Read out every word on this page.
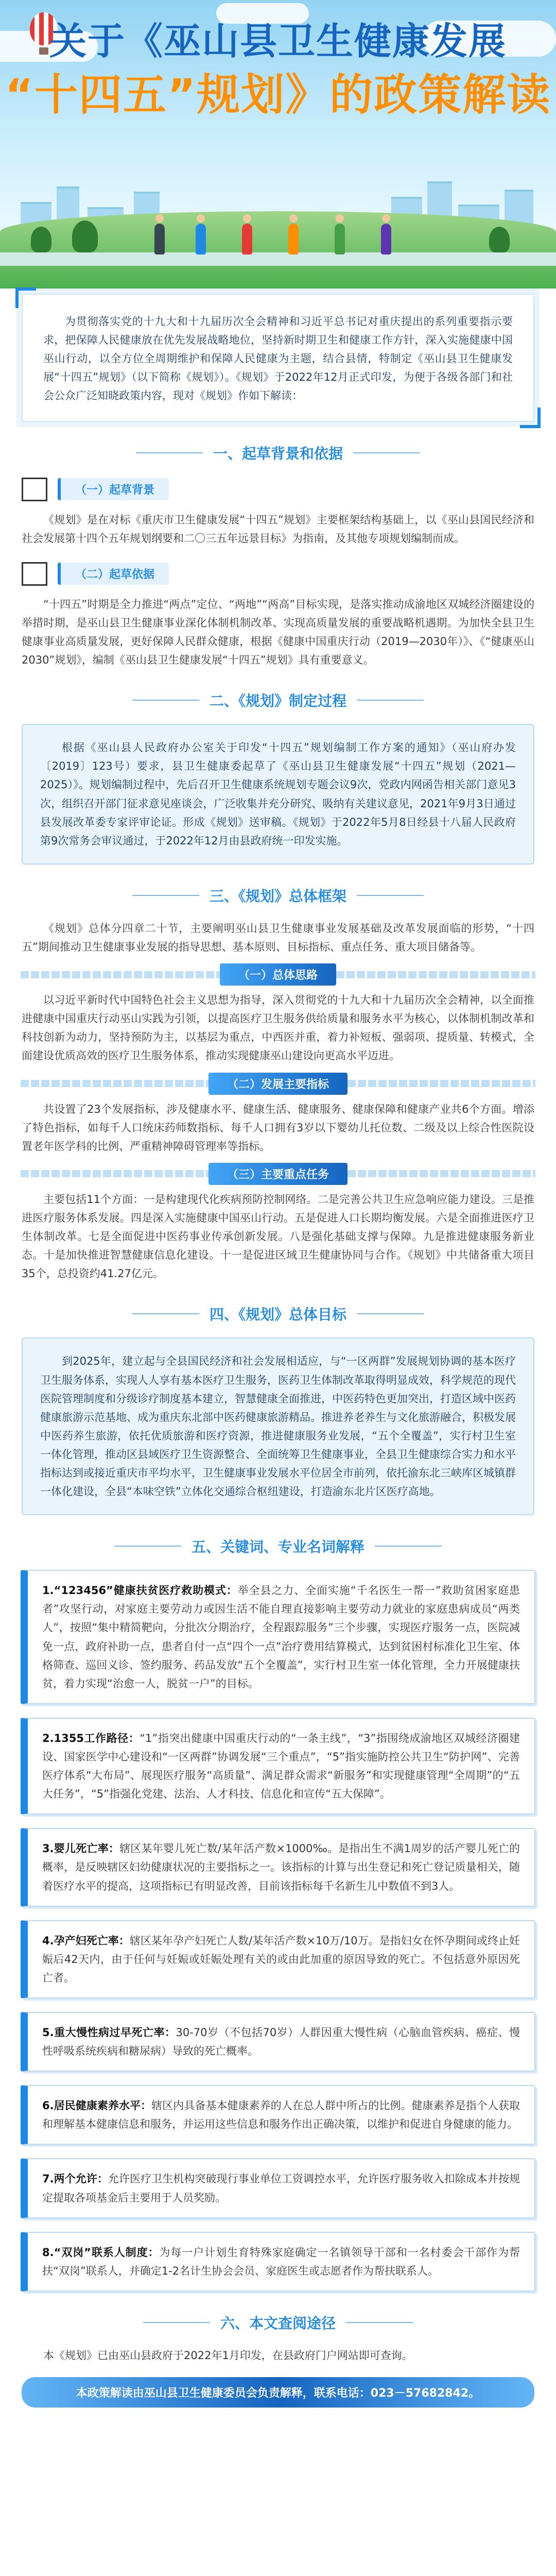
关于《巫山县卫生健康发展
“十四五”规划》的政策解读

为贯彻落实党的十九大和十九届历次全会精神和习近平总书记对重庆提出的系列重要指示要求，把保障人民健康放在优先发展战略地位，坚持新时期卫生和健康工作方针，深入实施健康中国巫山行动，以全方位全周期维护和保障人民健康为主题，结合县情，特制定《巫山县卫生健康发展“十四五”规划》（以下简称《规划》）。《规划》于2022年12月正式印发，为便于各级各部门和社会公众广泛知晓政策内容，现对《规划》作如下解读：

一、起草背景和依据
（一）起草背景

《规划》是在对标《重庆市卫生健康发展“十四五”规划》主要框架结构基础上，以《巫山县国民经济和社会发展第十四个五年规划纲要和二〇三五年远景目标》为指南，及其他专项规划编制而成。

（二）起草依据

“十四五”时期是全力推进“两点”定位、“两地”“两高”目标实现，是落实推动成渝地区双城经济圈建设的举措时期，是巫山县卫生健康事业深化体制机制改革、实现高质量发展的重要战略机遇期。为加快全县卫生健康事业高质量发展，更好保障人民群众健康，根据《健康中国重庆行动（2019—2030年）》、《“健康巫山2030”规划》，编制《巫山县卫生健康发展“十四五”规划》具有重要意义。

二、《规划》制定过程

根据《巫山县人民政府办公室关于印发“十四五”规划编制工作方案的通知》（巫山府办发〔2019〕123号）要求，县卫生健康委起草了《巫山县卫生健康发展“十四五”规划（2021—2025）》。规划编制过程中，先后召开卫生健康系统规划专题会议9次，党政内网函告相关部门意见3次，组织召开部门征求意见座谈会，广泛收集并充分研究、吸纳有关建议意见，2021年9月3日通过县发展改革委专家评审论证。形成《规划》送审稿。《规划》于2022年5月8日经县十八届人民政府第9次常务会审议通过，于2022年12月由县政府统一印发实施。

三、《规划》总体框架

《规划》总体分四章二十节，主要阐明巫山县卫生健康事业发展基础及改革发展面临的形势，“十四五”期间推动卫生健康事业发展的指导思想、基本原则、目标指标、重点任务、重大项目储备等。

（一）总体思路

以习近平新时代中国特色社会主义思想为指导，深入贯彻党的十九大和十九届历次全会精神，以全面推进健康中国重庆行动巫山实践为引领，以提高医疗卫生服务供给质量和服务水平为核心，以体制机制改革和科技创新为动力，坚持预防为主，以基层为重点，中西医并重，着力补短板、强弱项、提质量、转模式，全面建设优质高效的医疗卫生服务体系，推动实现健康巫山建设向更高水平迈进。

（二）发展主要指标

共设置了23个发展指标，涉及健康水平、健康生活、健康服务、健康保障和健康产业共6个方面。增添了特色指标，如每千人口统床药师数指标、每千人口拥有3岁以下婴幼儿托位数、二级及以上综合性医院设置老年医学科的比例、严重精神障碍管理率等指标。

（三）主要重点任务

主要包括11个方面：一是构建现代化疾病预防控制网络。二是完善公共卫生应急响应能力建设。三是推进医疗服务体系发展。四是深入实施健康中国巫山行动。五是促进人口长期均衡发展。六是全面推进医疗卫生体制改革。七是全面促进中医药事业传承创新发展。八是强化基础支撑与保障。九是推进健康服务新业态。十是加快推进智慧健康信息化建设。十一是促进区域卫生健康协同与合作。《规划》中共储备重大项目35个，总投资约41.27亿元。

四、《规划》总体目标

到2025年，建立起与全县国民经济和社会发展相适应，与“一区两群”发展规划协调的基本医疗卫生服务体系，实现人人享有基本医疗卫生服务，医药卫生体制改革取得明显成效，科学规范的现代医院管理制度和分级诊疗制度基本建立，智慧健康全面推进，中医药特色更加突出，打造区域中医药健康旅游示范基地、成为重庆东北部中医药健康旅游精品。推进养老养生与文化旅游融合，积极发展中医药养生旅游，依托优质旅游和医疗资源，推进健康服务业发展，“五个全覆盖”，实行村卫生室一体化管理，推动区县域医疗卫生资源整合、全面统筹卫生健康事业，全县卫生健康综合实力和水平指标达到或接近重庆市平均水平，卫生健康事业发展水平位居全市前列，依托渝东北三峡库区城镇群一体化建设，全县“本味空铁”立体化交通综合枢纽建设，打造渝东北片区医疗高地。

五、关键词、专业名词解释

1.“123456”健康扶贫医疗救助模式：举全县之力、全面实施“千名医生一帮一”救助贫困家庭患者”攻坚行动，对家庭主要劳动力或因生活不能自理直接影响主要劳动力就业的家庭患病成员“两类人”，按照“集中精简靶向，分批次分期治疗，全程跟踪服务”三个步骤，实现医疗服务一点，医院减免一点，政府补助一点，患者自付一点“四个一点”治疗费用结算模式，达到贫困村标准化卫生室、体格筛查、巡回义诊、签约服务、药品发放“五个全覆盖”，实行村卫生室一体化管理，全力开展健康扶贫，着力实现“治愈一人，脱贫一户”的目标。

2.1355工作路径：“1”指突出健康中国重庆行动的“一条主线”，“3”指围绕成渝地区双城经济圈建设、国家医学中心建设和“一区两群”协调发展“三个重点”，“5”指实施防控公共卫生“防护网”、完善医疗体系“大布局”、展现医疗服务“高质量”、满足群众需求“新服务”和实现健康管理“全周期”的“五大任务”，“5”指强化党建、法治、人才科技、信息化和宣传“五大保障”。

3.婴儿死亡率：辖区某年婴儿死亡数/某年活产数×1000‰。是指出生不满1周岁的活产婴儿死亡的概率，是反映辖区妇幼健康状况的主要指标之一。该指标的计算与出生登记和死亡登记质量相关，随着医疗水平的提高，这项指标已有明显改善，目前该指标每千名新生儿中数值不到3人。

4.孕产妇死亡率：辖区某年孕产妇死亡人数/某年活产数×10万/10万。是指妇女在怀孕期间或终止妊娠后42天内，由于任何与妊娠或妊娠处理有关的或由此加重的原因导致的死亡。不包括意外原因死亡者。

5.重大慢性病过早死亡率：30-70岁（不包括70岁）人群因重大慢性病（心脑血管疾病、癌症、慢性呼吸系统疾病和糖尿病）导致的死亡概率。

6.居民健康素养水平：辖区内具备基本健康素养的人在总人群中所占的比例。健康素养是指个人获取和理解基本健康信息和服务，并运用这些信息和服务作出正确决策，以维护和促进自身健康的能力。

7.两个允许：允许医疗卫生机构突破现行事业单位工资调控水平，允许医疗服务收入扣除成本并按规定提取各项基金后主要用于人员奖励。

8.“双岗”联系人制度：为每一户计划生育特殊家庭确定一名镇领导干部和一名村委会干部作为帮扶“双岗”联系人，并确定1-2名计生协会会员、家庭医生或志愿者作为帮扶联系人。

六、本文查阅途径

本《规划》已由巫山县政府于2022年1月印发，在县政府门户网站即可查询。

本政策解读由巫山县卫生健康委员会负责解释，联系电话：023－57682842。
